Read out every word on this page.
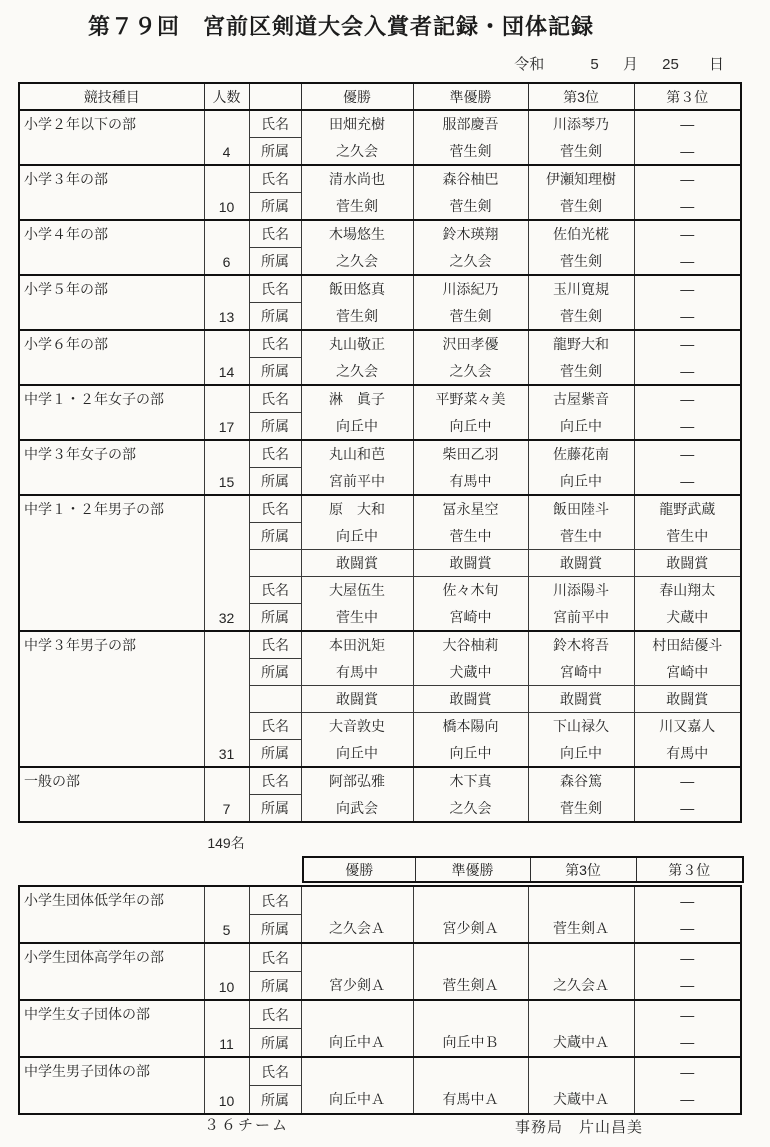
第７９回　宮前区剣道大会入賞者記録・団体記録
令和	5 月 25 日
競技種目	人数		優勝	準優勝	第3位	第３位
小学２年以下の部	4	氏名	田畑充樹	服部慶吾	川添琴乃	―
		所属	之久会	菅生剣	菅生剣	―
小学３年の部	10	氏名	清水尚也	森谷柚巴	伊瀬知理樹	―
		所属	菅生剣	菅生剣	菅生剣	―
小学４年の部	6	氏名	木場悠生	鈴木瑛翔	佐伯光椛	―
		所属	之久会	之久会	菅生剣	―
小学５年の部	13	氏名	飯田悠真	川添紀乃	玉川寛規	―
		所属	菅生剣	菅生剣	菅生剣	―
小学６年の部	14	氏名	丸山敬正	沢田孝優	龍野大和	―
		所属	之久会	之久会	菅生剣	―
中学１・２年女子の部	17	氏名	淋　眞子	平野菜々美	古屋紫音	―
		所属	向丘中	向丘中	向丘中	―
中学３年女子の部	15	氏名	丸山和芭	柴田乙羽	佐藤花南	―
		所属	宮前平中	有馬中	向丘中	―
中学１・２年男子の部	32	氏名	原　大和	冨永星空	飯田陸斗	龍野武蔵
		所属	向丘中	菅生中	菅生中	菅生中
			敢闘賞	敢闘賞	敢闘賞	敢闘賞
		氏名	大屋伍生	佐々木旬	川添陽斗	春山翔太
		所属	菅生中	宮崎中	宮前平中	犬蔵中
中学３年男子の部	31	氏名	本田汎矩	大谷柚莉	鈴木将吾	村田結優斗
		所属	有馬中	犬蔵中	宮崎中	宮崎中
			敢闘賞	敢闘賞	敢闘賞	敢闘賞
		氏名	大音敦史	橋本陽向	下山禄久	川又嘉人
		所属	向丘中	向丘中	向丘中	有馬中
一般の部	7	氏名	阿部弘雅	木下真	森谷篤	―
		所属	向武会	之久会	菅生剣	―
149名
優勝	準優勝	第3位	第３位
小学生団体低学年の部	5	氏名				―
		所属	之久会Ａ	宮少剣Ａ	菅生剣Ａ	―
小学生団体高学年の部	10	氏名				―
		所属	宮少剣Ａ	菅生剣Ａ	之久会Ａ	―
中学生女子団体の部	11	氏名				―
		所属	向丘中Ａ	向丘中Ｂ	犬蔵中Ａ	―
中学生男子団体の部	10	氏名				―
		所属	向丘中Ａ	有馬中Ａ	犬蔵中Ａ	―
３６チーム	事務局　片山昌美
